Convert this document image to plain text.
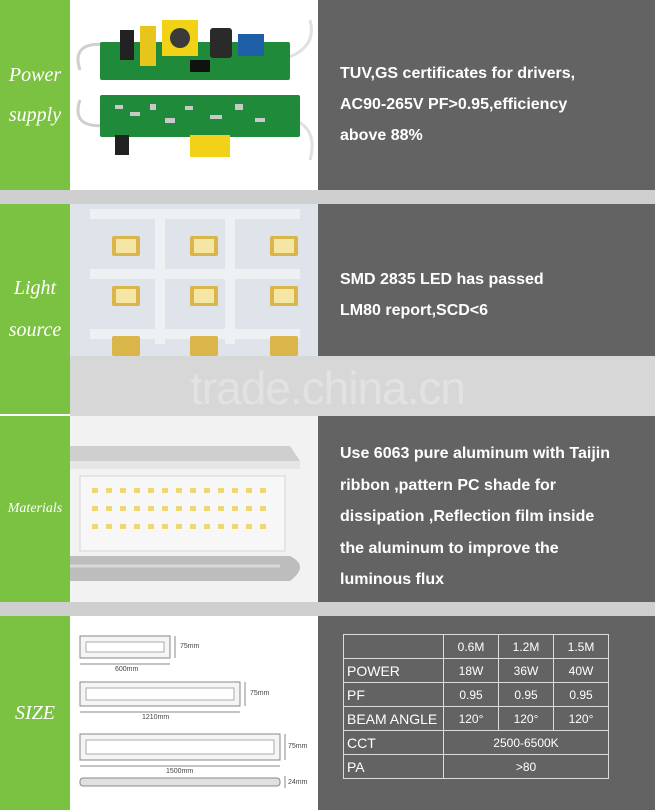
Power
supply

TUV,GS certificates for drivers,

AC90-265V PF>0.95,efficiency

above 88%

Light
source

SMD 2835 LED has passed

LM80 report,SCD<6

trade.china.cn
Materials

Use 6063 pure aluminum with Taijin

ribbon ,pattern PC shade for

dissipation ,Reflection film inside

the aluminum to improve the

luminous flux

SIZE
75mm
600mm
75mm
1210mm
75mm
1500mm
24mm
	0.6M	1.2M	1.5M
POWER	18W	36W	40W
PF	0.95	0.95	0.95
BEAM ANGLE	120°	120°	120°
CCT	2500-6500K		
PA	>80		
